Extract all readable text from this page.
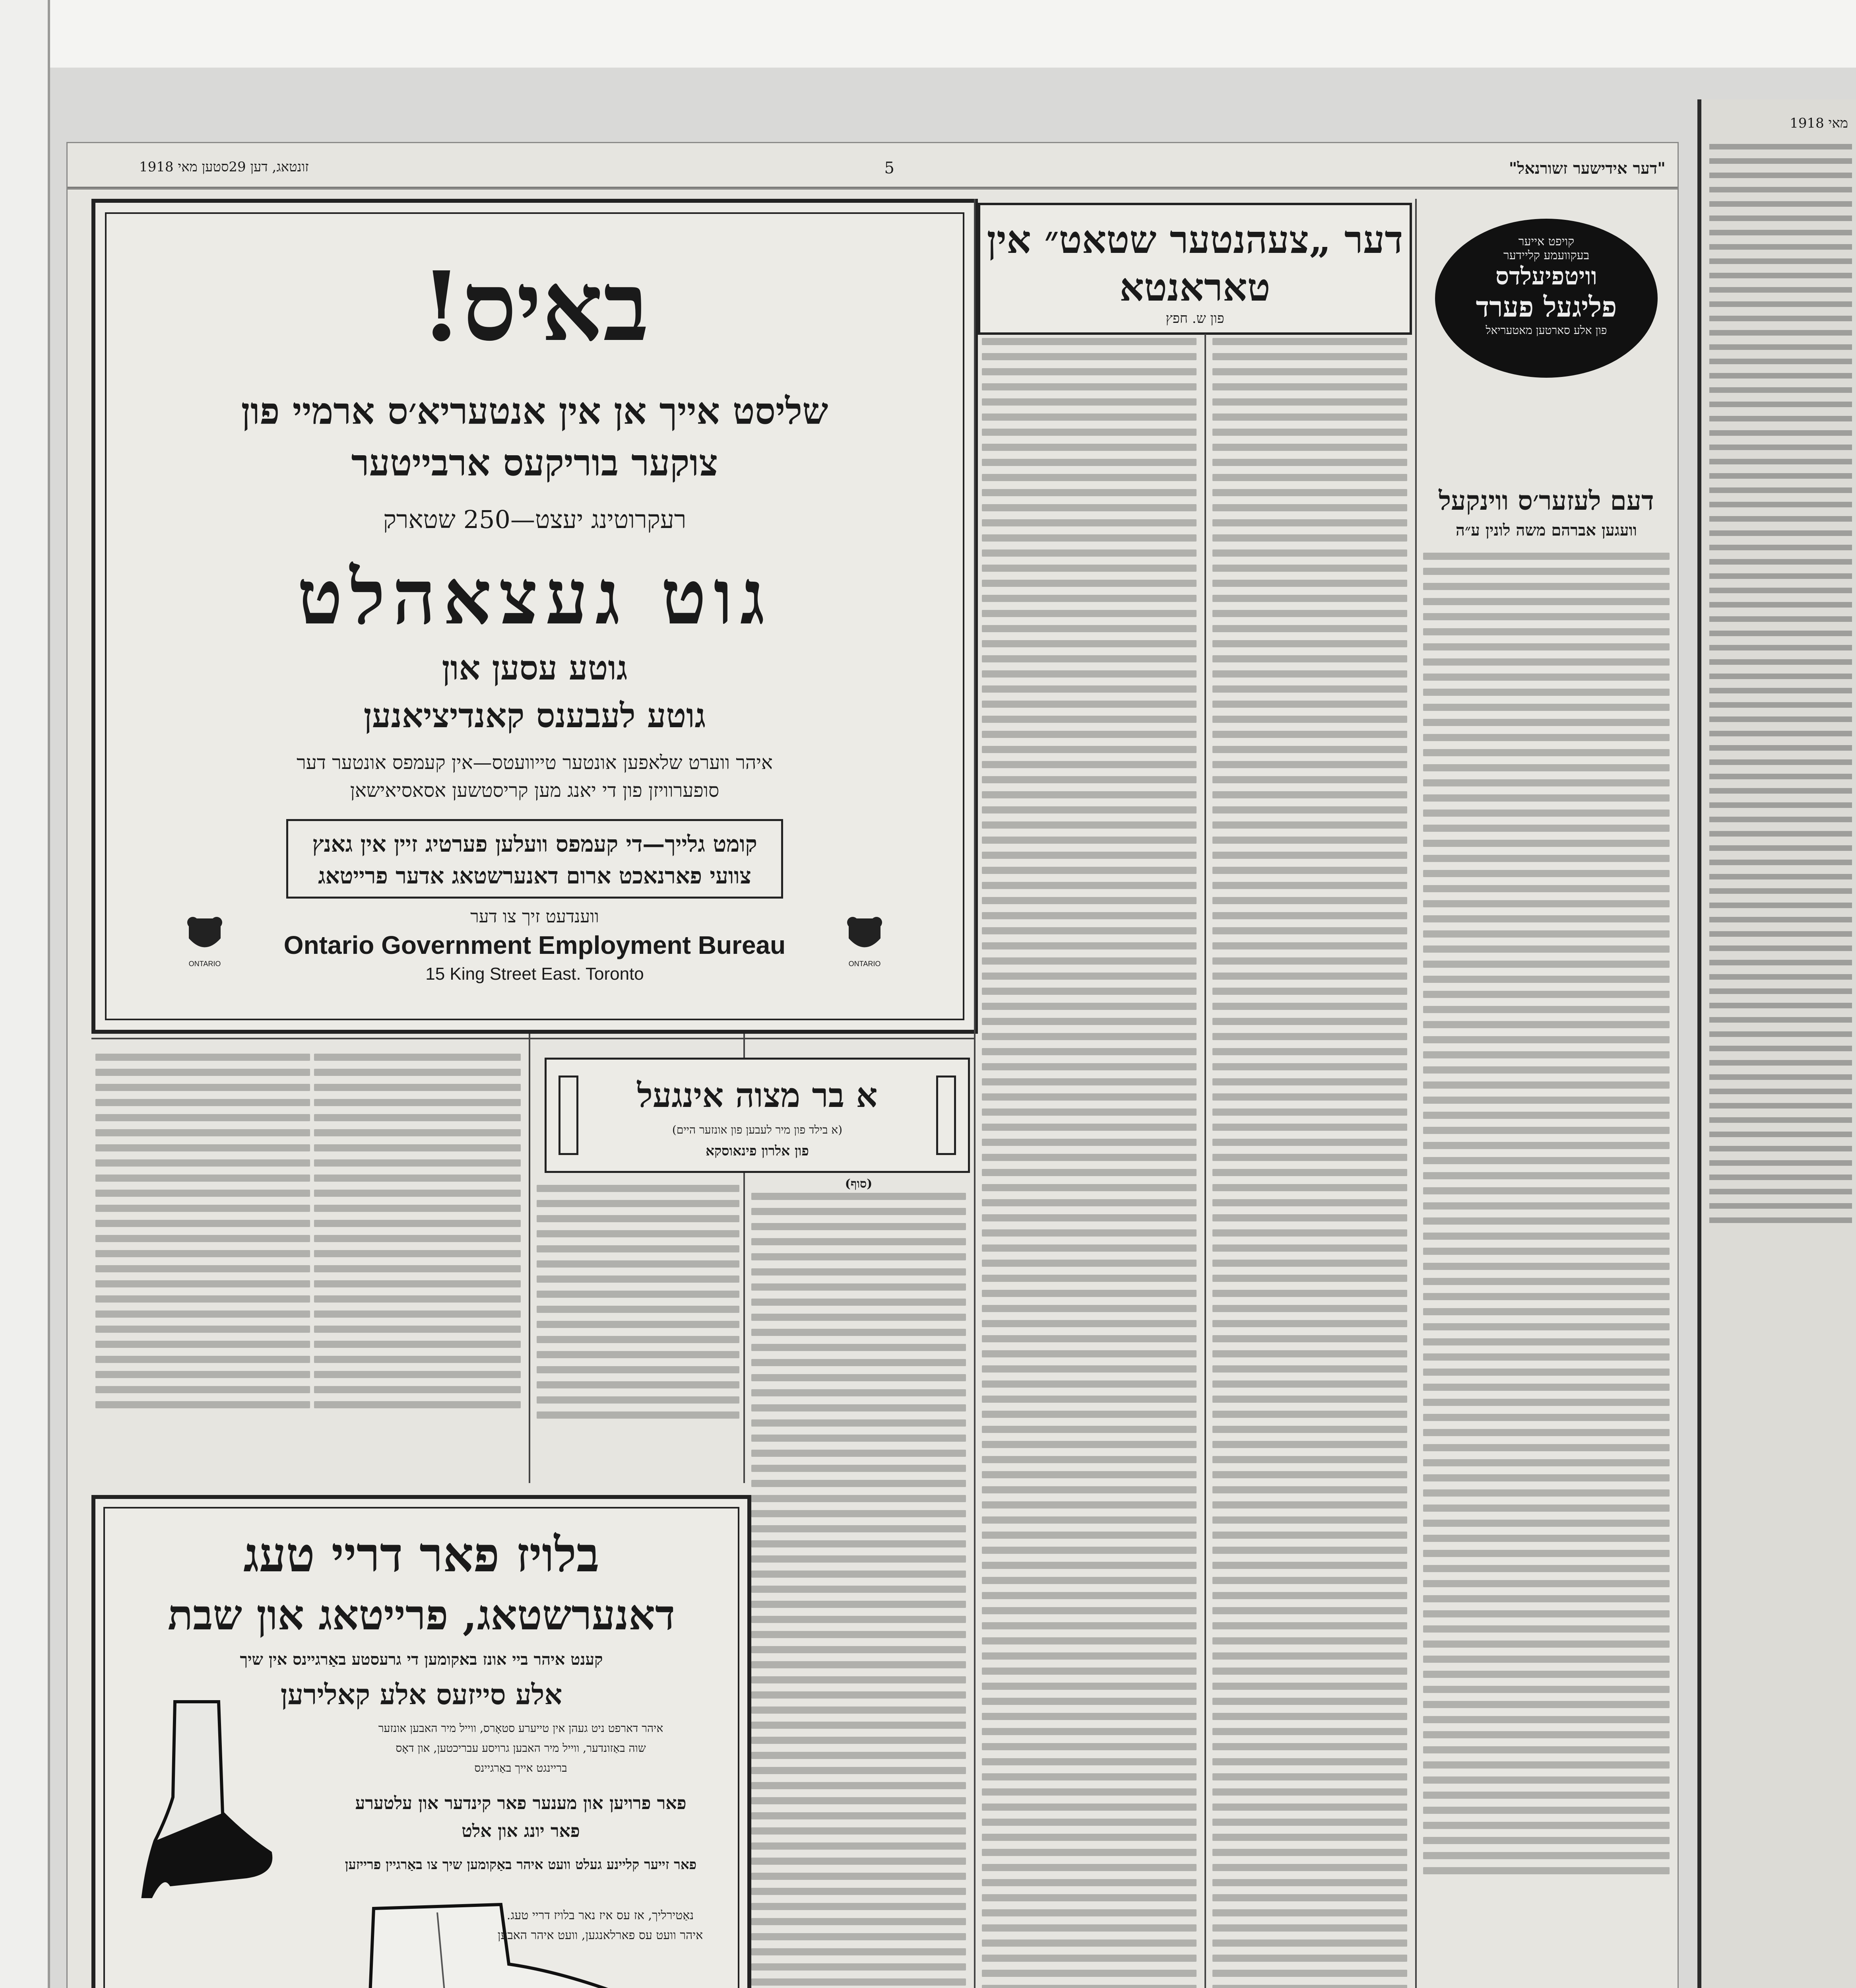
מאי 1918
"דער אידישער זשורנאל"
5
זונטאג, דען 29סטען מאי 1918
באיס!
שליסט אייך אן אין אנטעריא׳ס ארמיי פון
צוקער בוריקעס ארבייטער
רעקרוטינג יעצט—250 שטארק
גוט געצאהלט
גוטע עסען און
גוטע לעבענס קאנדיציאנען
איהר ווערט שלאפען אונטער טייוועטס—אין קעמפס אונטער דער
סופערוויזן פון די יאנג מען קריסטשען אסאסיאישאן
קומט גלייך—די קעמפס וועלען פערטיג זיין אין גאנץ
צוועי פארנאכט ארום דאנערשטאג אדער פרייטאג
ווענדעט זיך צו דער
Ontario Government Employment Bureau
15 King Street East. Toronto
ONTARIO	ONTARIO
דער „צעהנטער שטאט״ אין
טאראנטא
פון ש. חפץ
קויפט אייער
בעקוועמע קליידער
וויטפיעלדס
פליגעל פערד
פון אלע סארטען מאטעריאל
דעם לעזער׳ס ווינקעל
וועגען אברהם משה לונין ע״ה
א בר מצוה אינגעל
(א בילד פון מיר לעבען פון אונזער היים)
פון אלרון פינאוסקא
(סוף)
בלויז פאר דריי טעג
דאנערשטאג, פרייטאג און שבת
קענט איהר ביי אונז באקומען די גרעסטע באַרגיינס אין שיך
אלע סייזעס אלע קאלירען
איהר דארפט ניט געהן אין טייערע סטאָרס, ווייל מיר האבען אונזער
שוה באַזונדער, ווייל מיר האבען גרויסע עבריכטען, און דאָס
בריינגט אייך באַרגיינס
פאר פרויען און מענער פאר קינדער און עלטערע
פאר יונג און אלט
פאר זייער קליינע געלט וועט איהר באַקומען שיך צו באַרגיין פרייזען
נאַטירליך, אז עס איז נאר בלויז דריי טעג.
איהר וועט עס פארלאנגען, וועט איהר האבען
